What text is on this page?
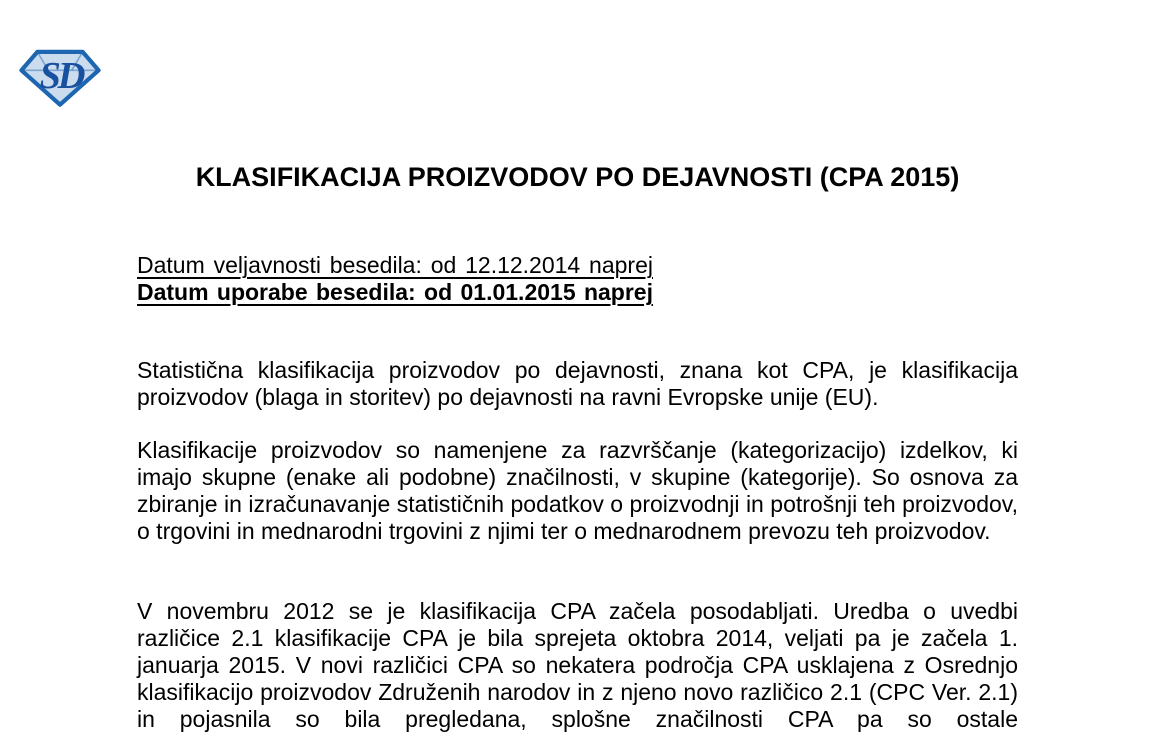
SD
KLASIFIKACIJA PROIZVODOV PO DEJAVNOSTI (CPA 2015)
Datum veljavnosti besedila: od 12.12.2014 naprej
Datum uporabe besedila: od 01.01.2015 naprej

Statistična klasifikacija proizvodov po dejavnosti, znana kot CPA, je klasifikacija proizvodov (blaga in storitev) po dejavnosti na ravni Evropske unije (EU).

Klasifikacije proizvodov so namenjene za razvrščanje (kategorizacijo) izdelkov, ki imajo skupne (enake ali podobne) značilnosti, v skupine (kategorije). So osnova za zbiranje in izračunavanje statističnih podatkov o proizvodnji in potrošnji teh proizvodov, o trgovini in mednarodni trgovini z njimi ter o mednarodnem prevozu teh proizvodov.

V novembru 2012 se je klasifikacija CPA začela posodabljati. Uredba o uvedbi različice 2.1 klasifikacije CPA je bila sprejeta oktobra 2014, veljati pa je začela 1. januarja 2015. V novi različici CPA so nekatera področja CPA usklajena z Osrednjo klasifikacijo proizvodov Združenih narodov in z njeno novo različico 2.1 (CPC Ver. 2.1) in pojasnila so bila pregledana, splošne značilnosti CPA pa so ostale
